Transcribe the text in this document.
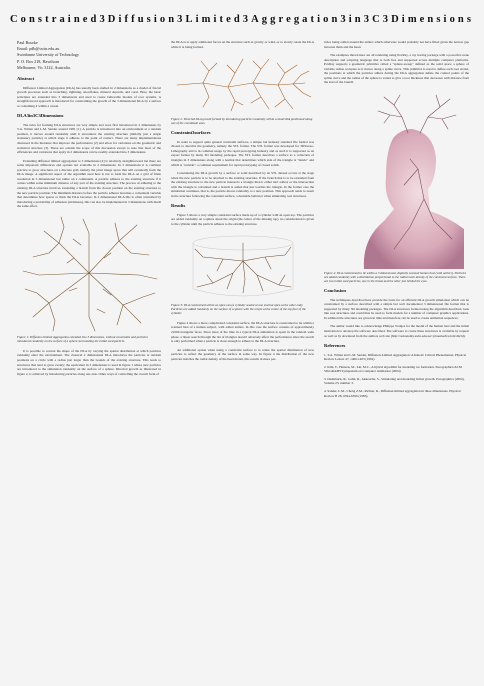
Constrained3Diffusion3Limited3Aggregation3in3C3Dimensions
Paul Bourke
Email: pdb@swin.edu.au
Swinburne University of Technology
P. O. Box 218, Hawthorn
Melbourne, Vic 3122, Australia.
Abstract

Diffusion Limited Aggregation (DLA) has usually been studied in 2 dimensions as a model of fractal growth processes such as branching, lightning, snowflakes, mineral deposits, and coral. Here, the basic principles are extended into 3 dimensions and used to create believable models of root systems. A straightforward approach is introduced for constraining the growth of the 3 dimensional DLA by a surface or containing it within a vessel.

DLA3in3C3Dimensions

The rules for forming DLA structures are very simple and were first introduced in 2 dimensions by T.A. Witten and L.M. Sander around 1981 [1]. A particle is introduced into an environment at a random position, it moves around randomly until it encounters the existing structure (initially just a single stationary particle) at which stage it adheres to the point of contact. There are many implementations discussed in the literature that improve the performance [2] and allow for variations on the geometric and statistical structure [3]. These are outside the scope of this discussion except to note that most of the efficiencies and variations that apply in 2 dimensions can be readily extended into 3 dimensions.

Extending diffusion limited aggregation to 3 dimensions [4] is relatively straightforward but there are some important differences and options not available in 2 dimensions. In 2 dimensions it is common practice to grow structures on a discrete grid, namely the pixel image space that will eventually form the DLA image. A significant aspect of the algorithm used here is not to form the DLA on a grid of finite resolution in 3 dimensional but rather on a continuum. A particle adheres to the existing structure if it comes within some minimum distance of any part of the existing structure. The process of adhering to the existing DLA structure involves extending a branch from the closest position on the existing structure to the new particle position. The minimum distance before the particle adheres becomes a convenient variable that determines how sparse or thick the DLA becomes. In 2 dimensional DLA this is often controlled by introducing a probability of adhesion (stickiness), this can also be implemented in 3 dimensions with much the same effect.

Figure 1: Diffusion Limited Aggregation extended into 3 dimensions, without constraints and particles introduced randomly on the surface of a sphere surrounding the initial seed particle.

It is possible to control the shape of the DLA by varying the spatial distribution at which particles randomly enter the environment. The classical 2 dimensional DLA introduces the particles at random positions on a circle with a radius just larger than the bounds of the existing structure. This leads to structures that tend to grow evenly; the equivalent in 3 dimensions is used in figure 1 where new particles are introduced to the simulation randomly on the surface of a sphere. Directed growth as illustrated in figure 2, is achieved by introducing particles along one axis. Other ways of controlling the overall form of

the DLA is to apply additional forces on the structure such as gravity or wind, or to slowly rotate the DLA while it is being formed.

Figure 2: Directed DLA growth formed by introducing particles randomly within a small disk positioned along one of the coordinate axes.

Constraint3surfaces

In order to support quite general constraint surfaces, a simple but industry standard file format was chosen to describe the geometry, namely the STL format. The STL format was developed for 3DStereo-Lithography and is in common usage by the rapid prototyping industry and as such it is supported as an export format by many 3D modeling packages. The STL format describes a surface as a collection of triangles in 3 dimensions along with a normal that determines which side of the triangle is "inside" and which is "outside", a common requirement for rapid prototyping of closed solids.

Constraining the DLA growth by a surface or solid described by an STL dataset occurs at the stage when the new particle is to be attached to the existing structure. If the branch that is to be extended from the existing structure to the new particle intersects a triangle then it either isn't added, or the intersection with the triangle is calculated and a branch is added that just touches the triangle. In the former case the simulation continues, that is, the particle moves randomly to a new position. This approach tends to result in the structure following the constraint surface, a desirable behavior when simulating root structures.

Results

Figure 3 shows a very simple constraint surface made up of a cylinder with an open top. The particles are added randomly on a sphere about the origin (the center of the missing top), no consideration is given to the cylinder until the particle adheres to the existing structure.

Figure 3: DLA constrained within an open can (a cylinder sealed at one end but open at the other end). Particles are added randomly on the surface of a sphere with the origin at the centre of the top face of the cylinder.

Figure 4 shows a more complicated constraint surface, the DLA structure is constrained to lie within a scanned bust of a human subject, with added antlers. In this case the surface consists of approximately 21000 triangular faces. Since most of the time in a typical DLA simulation is spent in the random walk phase, a linear search through the list of triangles doesn't adversely affect the performance since the search is only performed when a particle is close enough to adhere to the DLA structure.

An additional option when using a constraint surface is to relate the spatial distribution of new particles to reflect the geometry of the surface in some way. In figure 4 the distribution of the new particles matches the radial density of the head model, this results in more par-

ticles being added around the antlers which otherwise would probably not have filled given the narrow gap between them and the head.

The examples shown here are all rendering using PovRay, a ray tracing package with a powerful scene description and scripting language that is both free and supported across multiple computer platforms. PovRay supports a geometric primitive called a "sphere-sweep" defined as the solid space a sphere of variable radius occupies as it moves along a spline curve. This primitive is used to define each root strand, the positions at which the particles adhere during the DLA aggregation define the control points of the spline curve and the radius of the sphere is varied to give a root thickness that decreases with distance from the start of the branch.

Figure 4: DLA constrained to lie within a 3 dimensional, digitally scanned human bust (with antlers). Particles are added randomly with a distribution proportional to the radial mesh density of the constraint surface. There are two initial seed particles, one in the throat and the other just behind the eyes.

Conclusion

The techniques described here provide the basis for an efficient DLA growth simulation which can be constrained by a surface described with a simple but well documented 3 dimensional file format that is supported by many 3D modeling packages. The DLA structures formed using the algorithm described, look like root structures and could thus be used to form models for a number of computer graphics applications. In addition the structures are grown in time and therefore can be used to create animation sequences.

The author would like to acknowledge Philippe Vranjes for the model of the human bust and the initial motivation to develop the software described. The software to create these structures is available by request as well as by download from the authors web site (http://astronomy.swin.edu.au/~pbourke/fractals/dla3d).

References

1. T.A. Witten and L.M. Sander, Diffusion-Limited Aggregation: A Kinetic Critical Phenomenon, Physical Review Letters 47, 1400-1403 (1981).

2. Kim, T., Henson, M., Lin, M.C., A hybrid algorithm for modeling ice formation. Eurographics/ACM SIGGRAPH Symposium on Computer Animation (2004)

3. Deshmuck, R., Gahn, R., Akkouche, S., Simulating and modeling lichen growth. Eurographics (2004), Volume 23, number 3.

4. Sander, L.M., Cheng Z.M., Richter, R., Diffusion-limited aggregation in three dimensions. Physical Review B 28, 6394-6396 (1983).
